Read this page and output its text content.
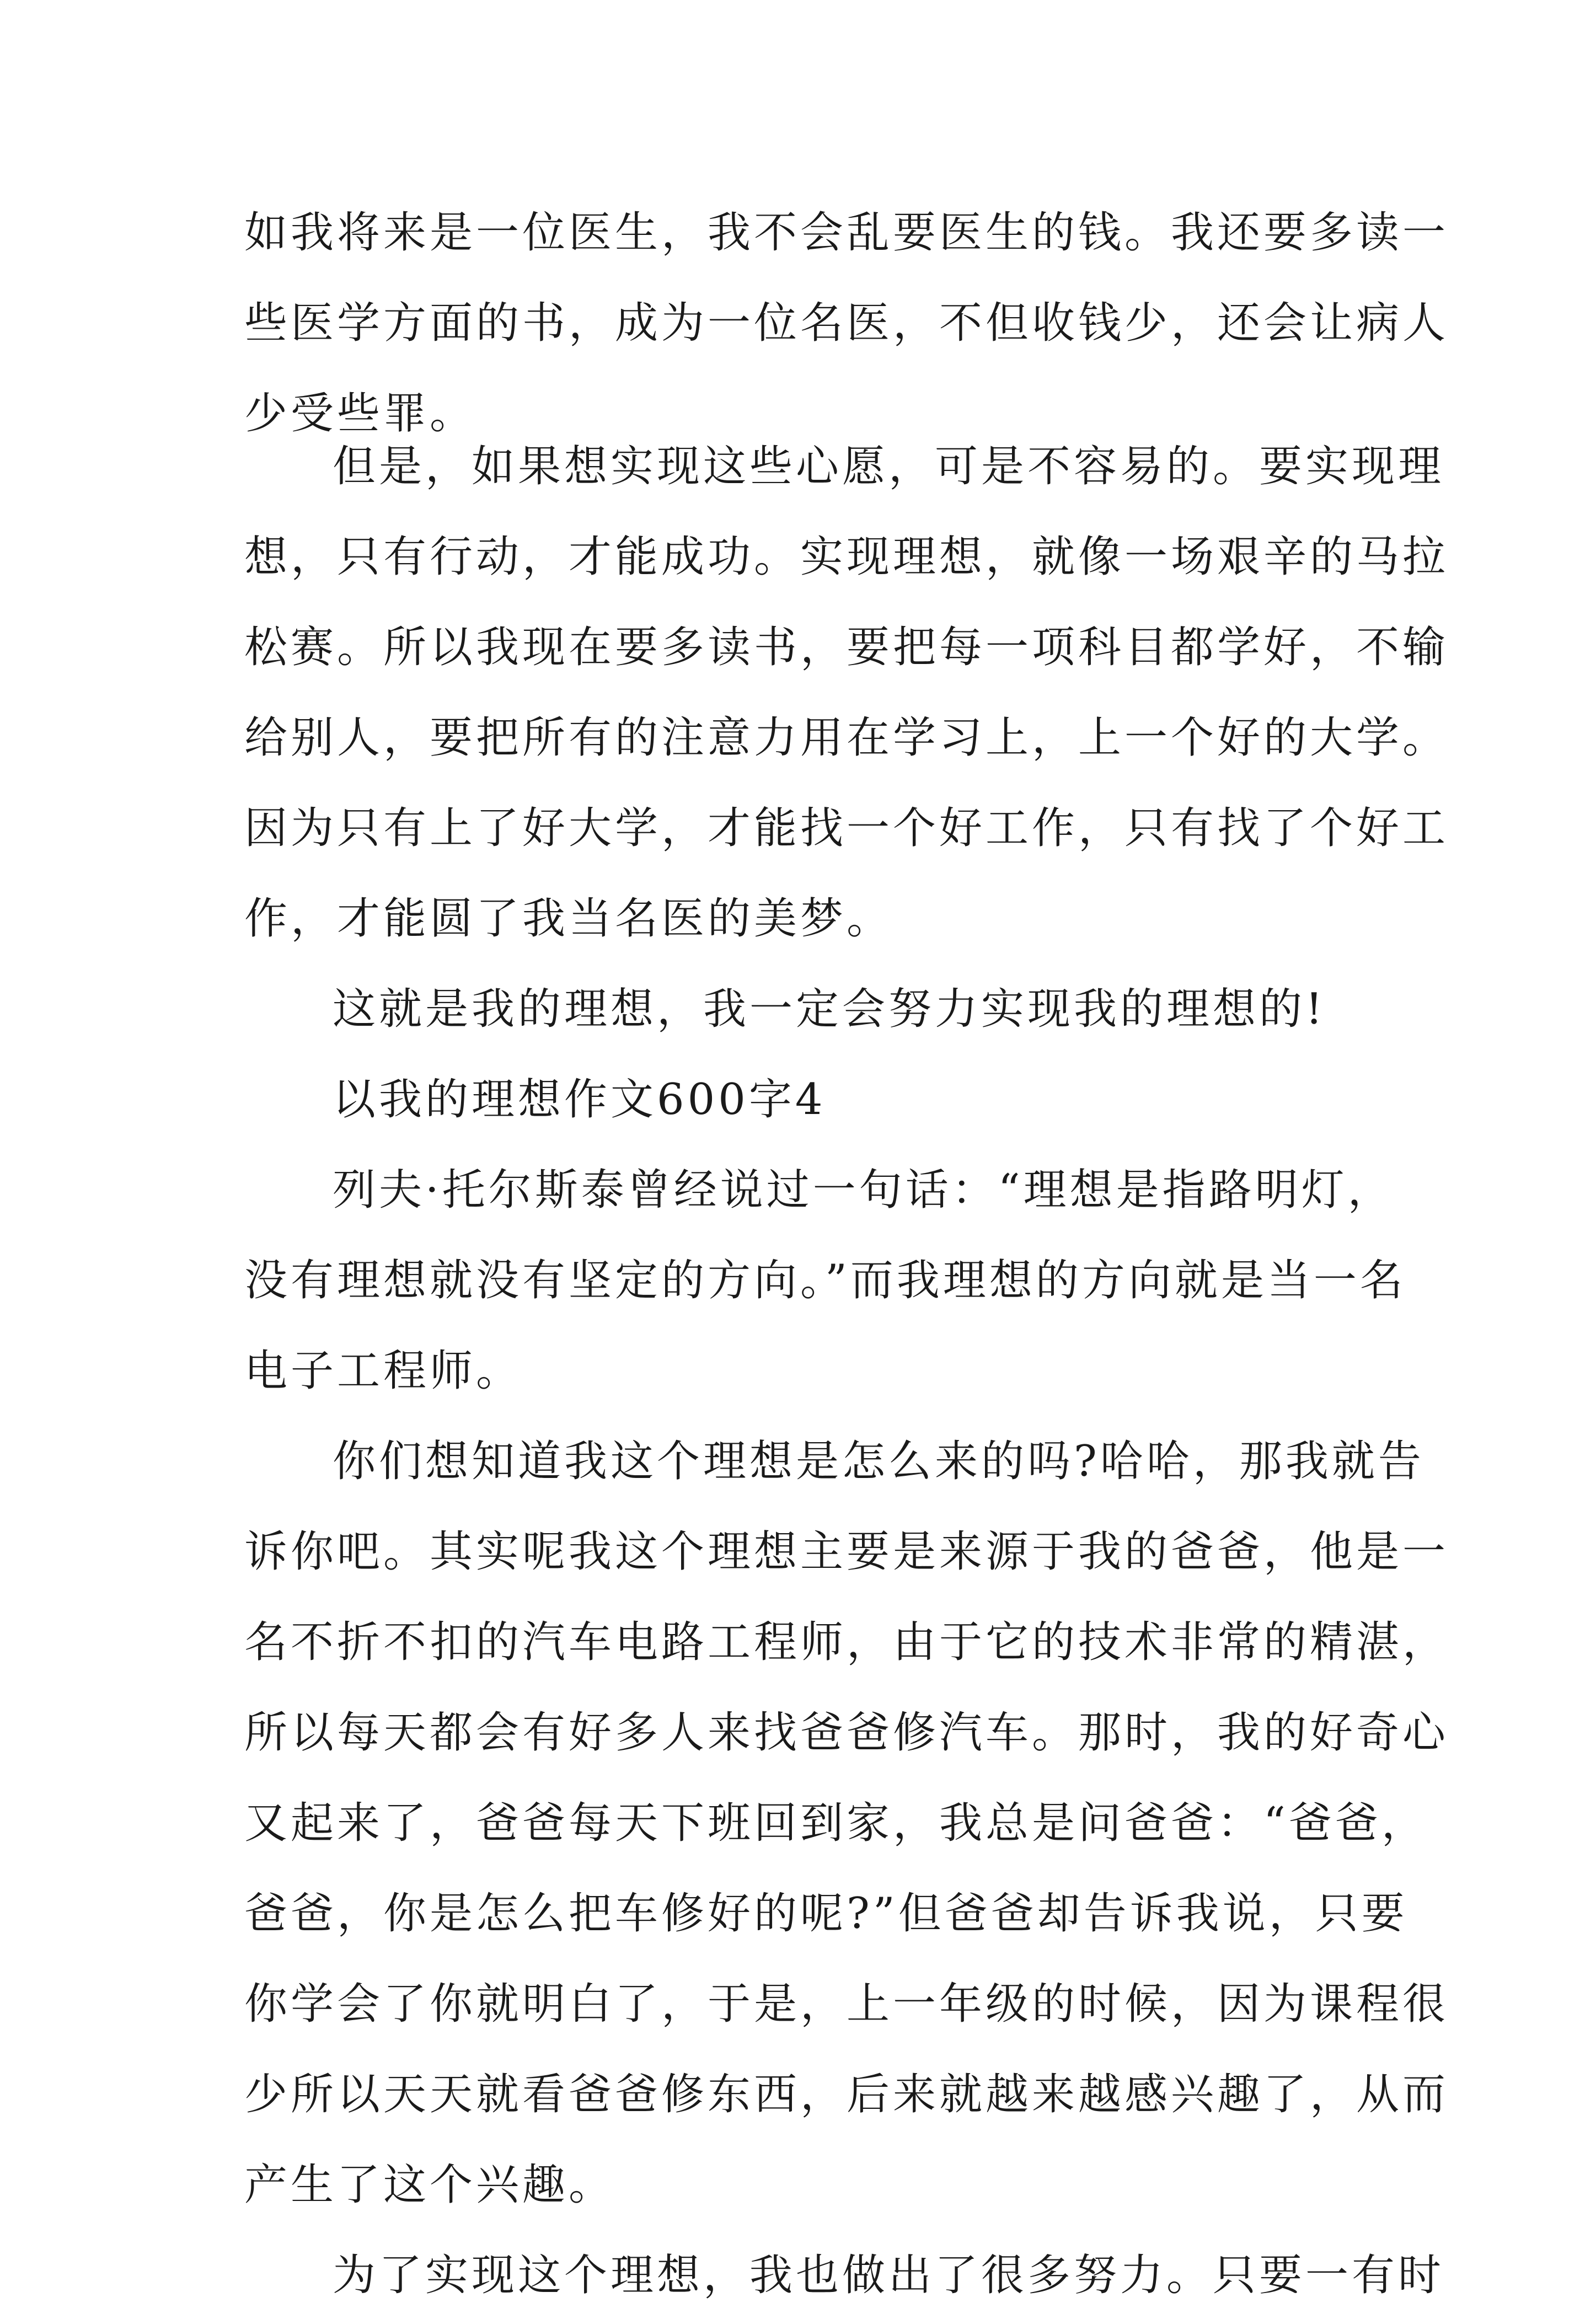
如我将来是一位医生，我不会乱要医生的钱。我还要多读一
些医学方面的书，成为一位名医，不但收钱少，还会让病人
少受些罪。
但是，如果想实现这些心愿，可是不容易的。要实现理
想，只有行动，才能成功。实现理想，就像一场艰辛的马拉
松赛。所以我现在要多读书，要把每一项科目都学好，不输
给别人，要把所有的注意力用在学习上，上一个好的大学。
因为只有上了好大学，才能找一个好工作，只有找了个好工
作，才能圆了我当名医的美梦。
这就是我的理想，我一定会努力实现我的理想的!
以我的理想作文600字4
列夫·托尔斯泰曾经说过一句话：“理想是指路明灯，
没有理想就没有坚定的方向。”而我理想的方向就是当一名
电子工程师。
你们想知道我这个理想是怎么来的吗?哈哈，那我就告
诉你吧。其实呢我这个理想主要是来源于我的爸爸，他是一
名不折不扣的汽车电路工程师，由于它的技术非常的精湛，
所以每天都会有好多人来找爸爸修汽车。那时，我的好奇心
又起来了，爸爸每天下班回到家，我总是问爸爸：“爸爸，
爸爸，你是怎么把车修好的呢?”但爸爸却告诉我说，只要
你学会了你就明白了，于是，上一年级的时候，因为课程很
少所以天天就看爸爸修东西，后来就越来越感兴趣了，从而
产生了这个兴趣。
为了实现这个理想，我也做出了很多努力。只要一有时
